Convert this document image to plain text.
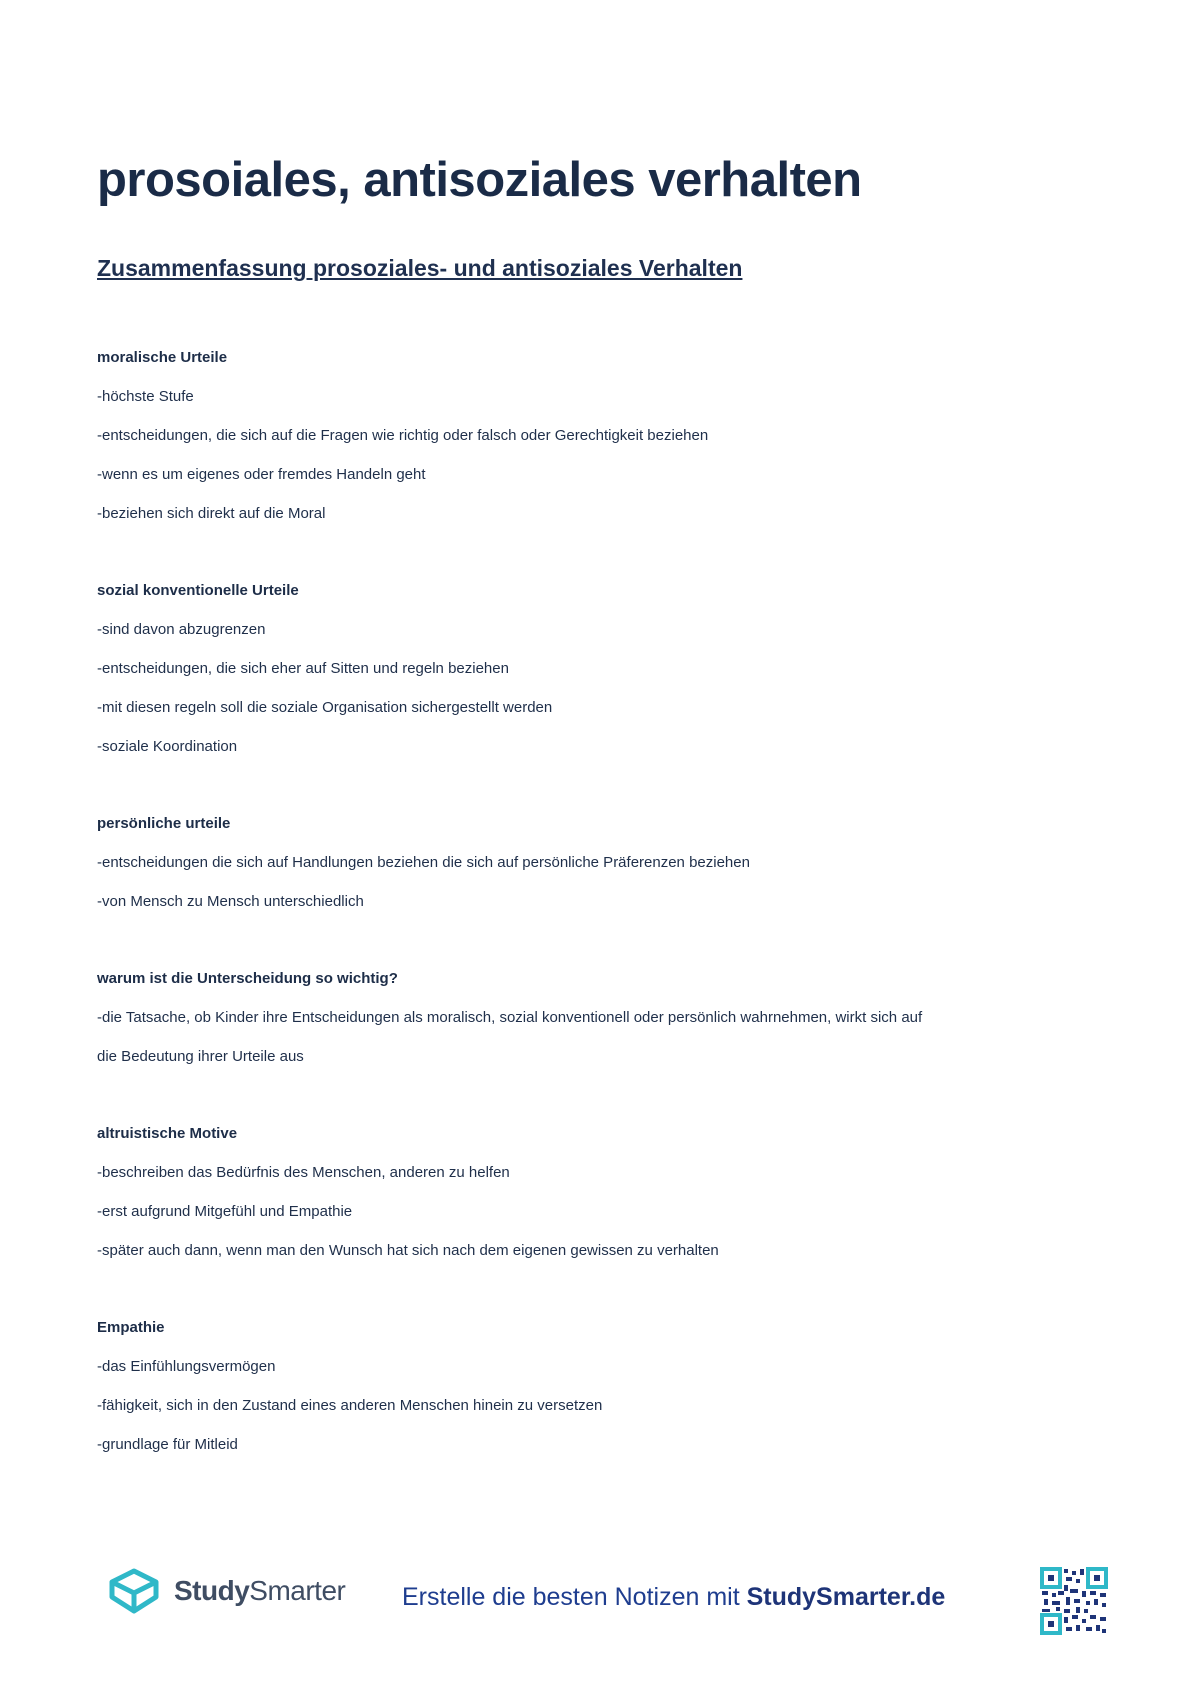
prosoiales, antisoziales verhalten
Zusammenfassung prosoziales- und antisoziales Verhalten
moralische Urteile
-höchste Stufe
-entscheidungen, die sich auf die Fragen wie richtig oder falsch oder Gerechtigkeit beziehen
-wenn es um eigenes oder fremdes Handeln geht
-beziehen sich direkt auf die Moral
sozial konventionelle Urteile
-sind davon abzugrenzen
-entscheidungen, die sich eher auf Sitten und regeln beziehen
-mit diesen regeln soll die soziale Organisation sichergestellt werden
-soziale Koordination
persönliche urteile
-entscheidungen die sich auf Handlungen beziehen die sich auf persönliche Präferenzen beziehen
-von Mensch zu Mensch unterschiedlich
warum ist die Unterscheidung so wichtig?
-die Tatsache, ob Kinder ihre Entscheidungen als moralisch, sozial konventionell oder persönlich wahrnehmen, wirkt sich auf
die Bedeutung ihrer Urteile aus
altruistische Motive
-beschreiben das Bedürfnis des Menschen, anderen zu helfen
-erst aufgrund Mitgefühl und Empathie
-später auch dann, wenn man den Wunsch hat sich nach dem eigenen gewissen zu verhalten
Empathie
-das Einfühlungsvermögen
-fähigkeit, sich in den Zustand eines anderen Menschen hinein zu versetzen
-grundlage für Mitleid
StudySmarter Erstelle die besten Notizen mit StudySmarter.de
